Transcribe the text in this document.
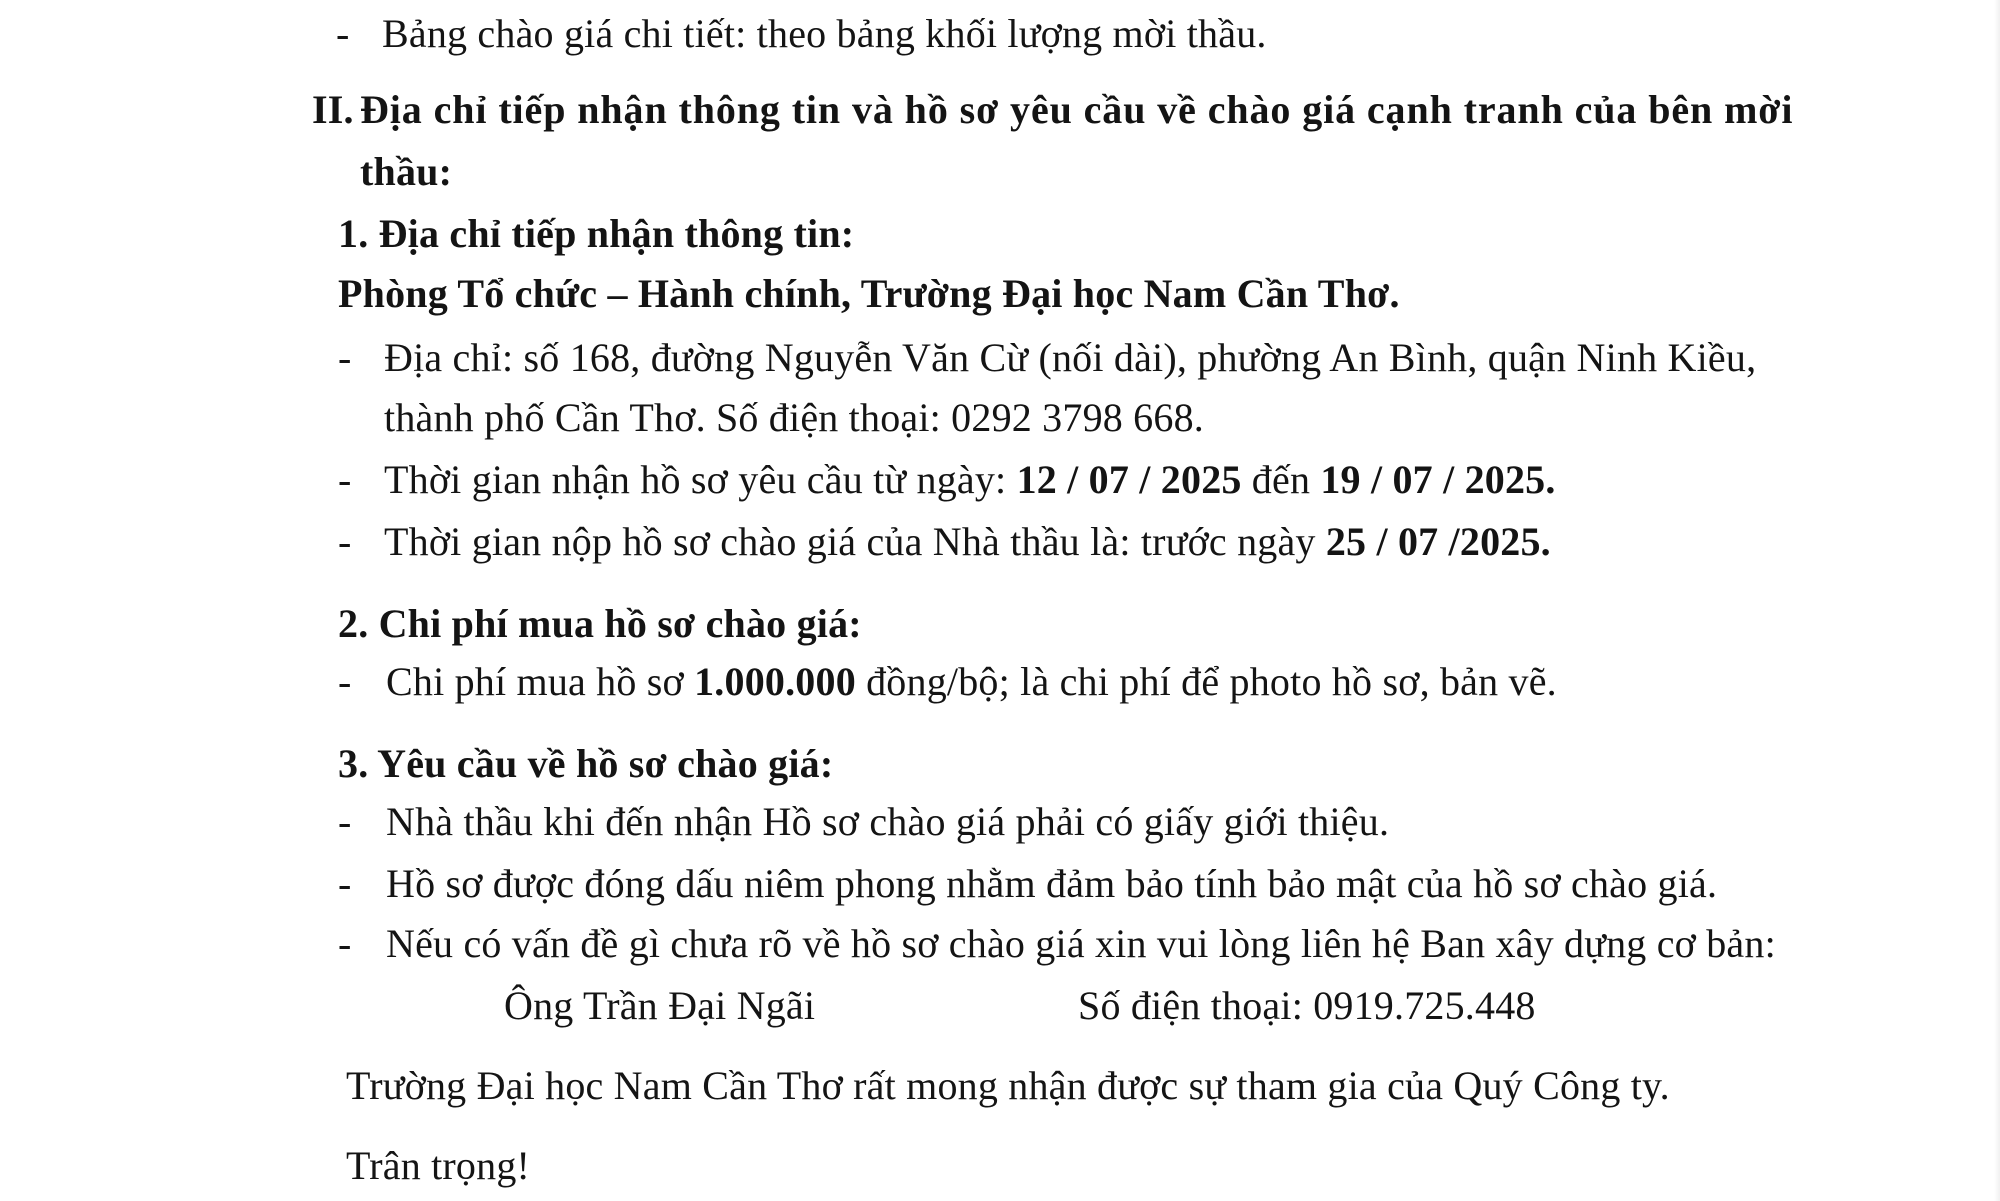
- Bảng chào giá chi tiết: theo bảng khối lượng mời thầu.
II. Địa chỉ tiếp nhận thông tin và hồ sơ yêu cầu về chào giá cạnh tranh của bên mời
thầu:
1. Địa chỉ tiếp nhận thông tin:
Phòng Tổ chức – Hành chính, Trường Đại học Nam Cần Thơ.
- Địa chỉ: số 168, đường Nguyễn Văn Cừ (nối dài), phường An Bình, quận Ninh Kiều,
thành phố Cần Thơ. Số điện thoại: 0292 3798 668.
- Thời gian nhận hồ sơ yêu cầu từ ngày: 12 / 07 / 2025 đến 19 / 07 / 2025.
- Thời gian nộp hồ sơ chào giá của Nhà thầu là: trước ngày 25 / 07 /2025.
2. Chi phí mua hồ sơ chào giá:
- Chi phí mua hồ sơ 1.000.000 đồng/bộ; là chi phí để photo hồ sơ, bản vẽ.
3. Yêu cầu về hồ sơ chào giá:
- Nhà thầu khi đến nhận Hồ sơ chào giá phải có giấy giới thiệu.
- Hồ sơ được đóng dấu niêm phong nhằm đảm bảo tính bảo mật của hồ sơ chào giá.
- Nếu có vấn đề gì chưa rõ về hồ sơ chào giá xin vui lòng liên hệ Ban xây dựng cơ bản:
Ông Trần Đại Ngãi	Số điện thoại: 0919.725.448
Trường Đại học Nam Cần Thơ rất mong nhận được sự tham gia của Quý Công ty.
Trân trọng!
